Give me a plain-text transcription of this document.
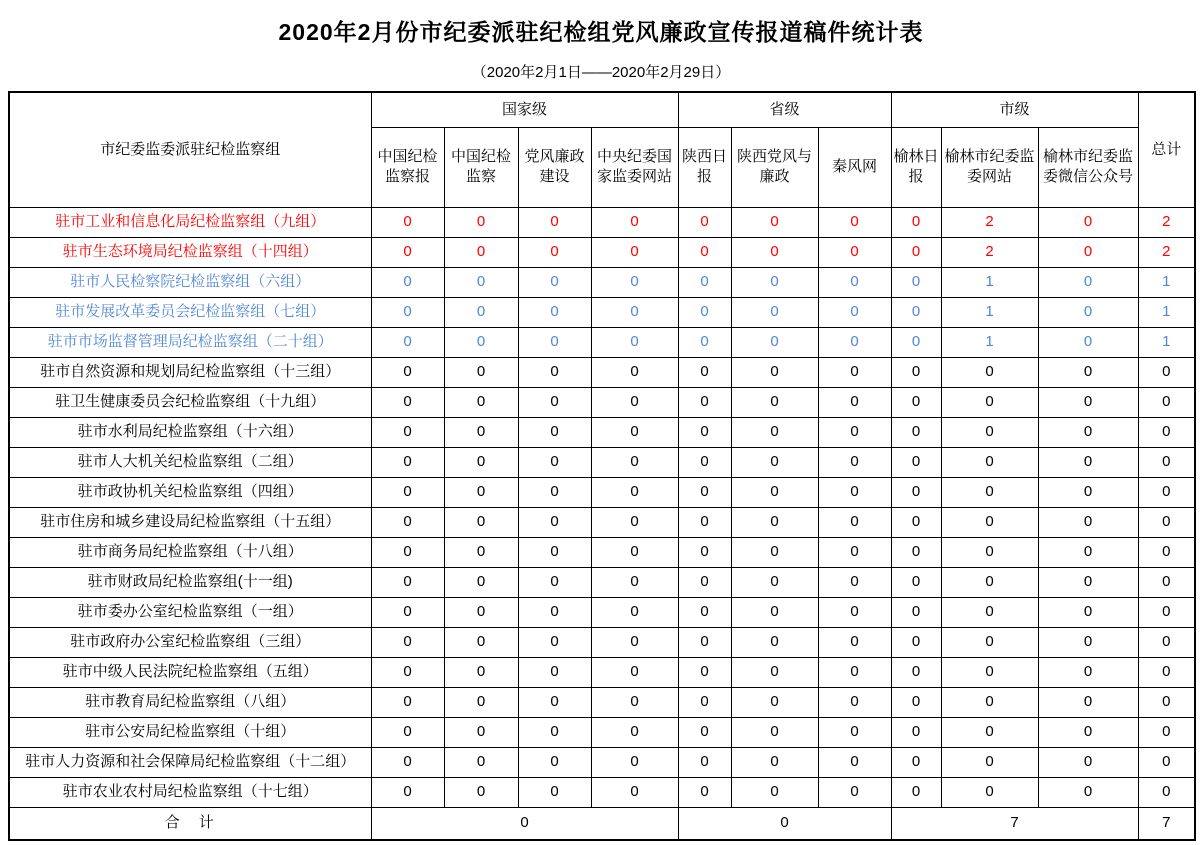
2020年2月份市纪委派驻纪检组党风廉政宣传报道稿件统计表
（2020年2月1日——2020年2月29日）
市纪委监委派驻纪检监察组	国家级				省级			市级			总计
	中国纪检监察报	中国纪检监察	党风廉政建设	中央纪委国家监委网站	陕西日报	陕西党风与廉政	秦风网	榆林日报	榆林市纪委监委网站	榆林市纪委监委微信公众号	
驻市工业和信息化局纪检监察组（九组）	0	0	0	0	0	0	0	0	2	0	2
驻市生态环境局纪检监察组（十四组）	0	0	0	0	0	0	0	0	2	0	2
驻市人民检察院纪检监察组（六组）	0	0	0	0	0	0	0	0	1	0	1
驻市发展改革委员会纪检监察组（七组）	0	0	0	0	0	0	0	0	1	0	1
驻市市场监督管理局纪检监察组（二十组）	0	0	0	0	0	0	0	0	1	0	1
驻市自然资源和规划局纪检监察组（十三组）	0	0	0	0	0	0	0	0	0	0	0
驻卫生健康委员会纪检监察组（十九组）	0	0	0	0	0	0	0	0	0	0	0
驻市水利局纪检监察组（十六组）	0	0	0	0	0	0	0	0	0	0	0
驻市人大机关纪检监察组（二组）	0	0	0	0	0	0	0	0	0	0	0
驻市政协机关纪检监察组（四组）	0	0	0	0	0	0	0	0	0	0	0
驻市住房和城乡建设局纪检监察组（十五组）	0	0	0	0	0	0	0	0	0	0	0
驻市商务局纪检监察组（十八组）	0	0	0	0	0	0	0	0	0	0	0
驻市财政局纪检监察组(十一组)	0	0	0	0	0	0	0	0	0	0	0
驻市委办公室纪检监察组（一组）	0	0	0	0	0	0	0	0	0	0	0
驻市政府办公室纪检监察组（三组）	0	0	0	0	0	0	0	0	0	0	0
驻市中级人民法院纪检监察组（五组）	0	0	0	0	0	0	0	0	0	0	0
驻市教育局纪检监察组（八组）	0	0	0	0	0	0	0	0	0	0	0
驻市公安局纪检监察组（十组）	0	0	0	0	0	0	0	0	0	0	0
驻市人力资源和社会保障局纪检监察组（十二组）	0	0	0	0	0	0	0	0	0	0	0
驻市农业农村局纪检监察组（十七组）	0	0	0	0	0	0	0	0	0	0	0
合　计	0				0			7			7
